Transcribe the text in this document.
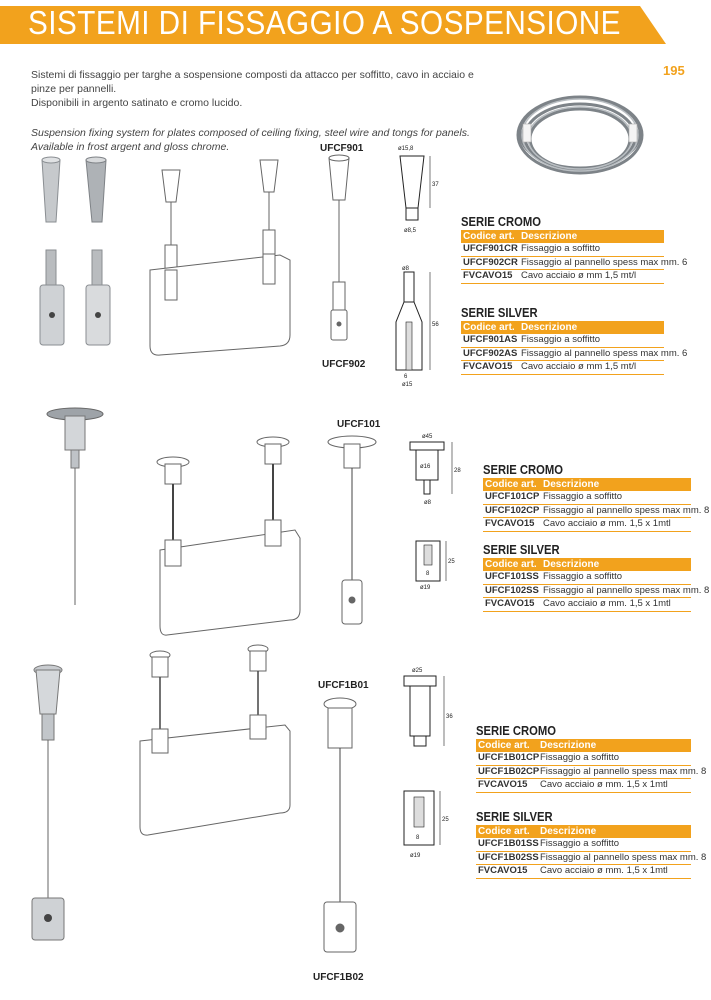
SISTEMI DI FISSAGGIO A SOSPENSIONE
195

Sistemi di fissaggio per targhe a sospensione composti da attacco per soffitto, cavo in acciaio e pinze per pannelli.

Disponibili in argento satinato e cromo lucido.

Suspension fixing system for plates composed of ceiling fixing, steel wire and tongs for panels.

Available in frost argent and gloss chrome.	UFCF901
UFCF902
ø15,8
37
ø8,5
ø8
56
6
ø15
SERIE CROMO
Codice art. Descrizione
UFCF901CR Fissaggio a soffitto
UFCF902CR Fissaggio al pannello spess max mm. 6
FVCAVO15 Cavo acciaio ø mm 1,5 mt/l
SERIE SILVER
Codice art. Descrizione
UFCF901AS Fissaggio a soffitto
UFCF902AS Fissaggio al pannello spess max mm. 6
FVCAVO15 Cavo acciaio ø mm 1,5 mt/l
UFCF101
ø45
ø16
28
ø8
25
8
ø19
SERIE CROMO
Codice art. Descrizione
UFCF101CP Fissaggio a soffitto
UFCF102CP Fissaggio al pannello spess max mm. 8
FVCAVO15 Cavo acciaio ø mm. 1,5 x 1mtl
SERIE SILVER
Codice art. Descrizione
UFCF101SS Fissaggio a soffitto
UFCF102SS Fissaggio al pannello spess max mm. 8
FVCAVO15 Cavo acciaio ø mm. 1,5 x 1mtl
UFCF1B01
UFCF1B02
ø25
36
25
8
ø19
SERIE CROMO
Codice art.	Descrizione
UFCF1B01CP Fissaggio a soffitto
UFCF1B02CP Fissaggio al pannello spess max mm. 8
FVCAVO15	Cavo acciaio ø mm. 1,5 x 1mtl
SERIE SILVER
Codice art.	Descrizione
UFCF1B01SS Fissaggio a soffitto
UFCF1B02SS Fissaggio al pannello spess max mm. 8
FVCAVO15	Cavo acciaio ø mm. 1,5 x 1mtl
